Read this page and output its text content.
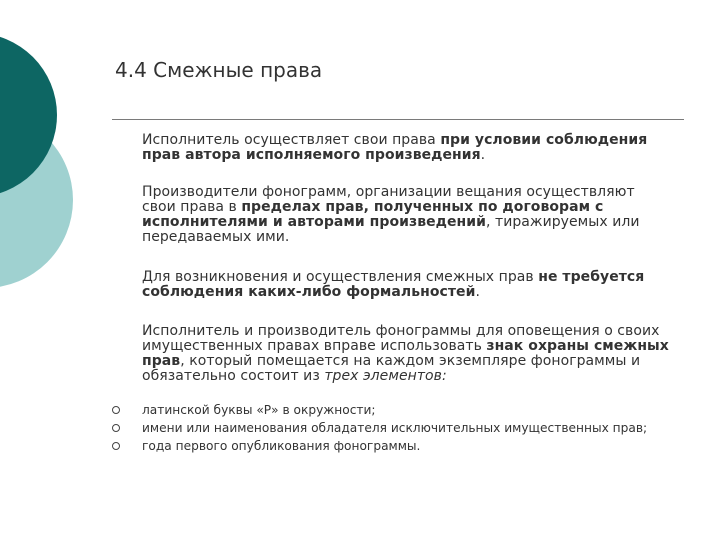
4.4 Смежные права
Исполнитель осуществляет свои права при условии соблюдения прав автора исполняемого произведения.
Производители фонограмм, организации вещания осуществляют свои права в пределах прав, полученных по договорам с исполнителями и авторами произведений, тиражируемых или передаваемых ими.
Для возникновения и осуществления смежных прав не требуется соблюдения каких-либо формальностей.
Исполнитель и производитель фонограммы для оповещения о своих имущественных правах вправе использовать знак охраны смежных прав, который помещается на каждом экземпляре фонограммы и обязательно состоит из трех элементов:
латинской буквы «Р» в окружности;
имени или наименования обладателя исключительных имущественных прав;
года первого опубликования фонограммы.
